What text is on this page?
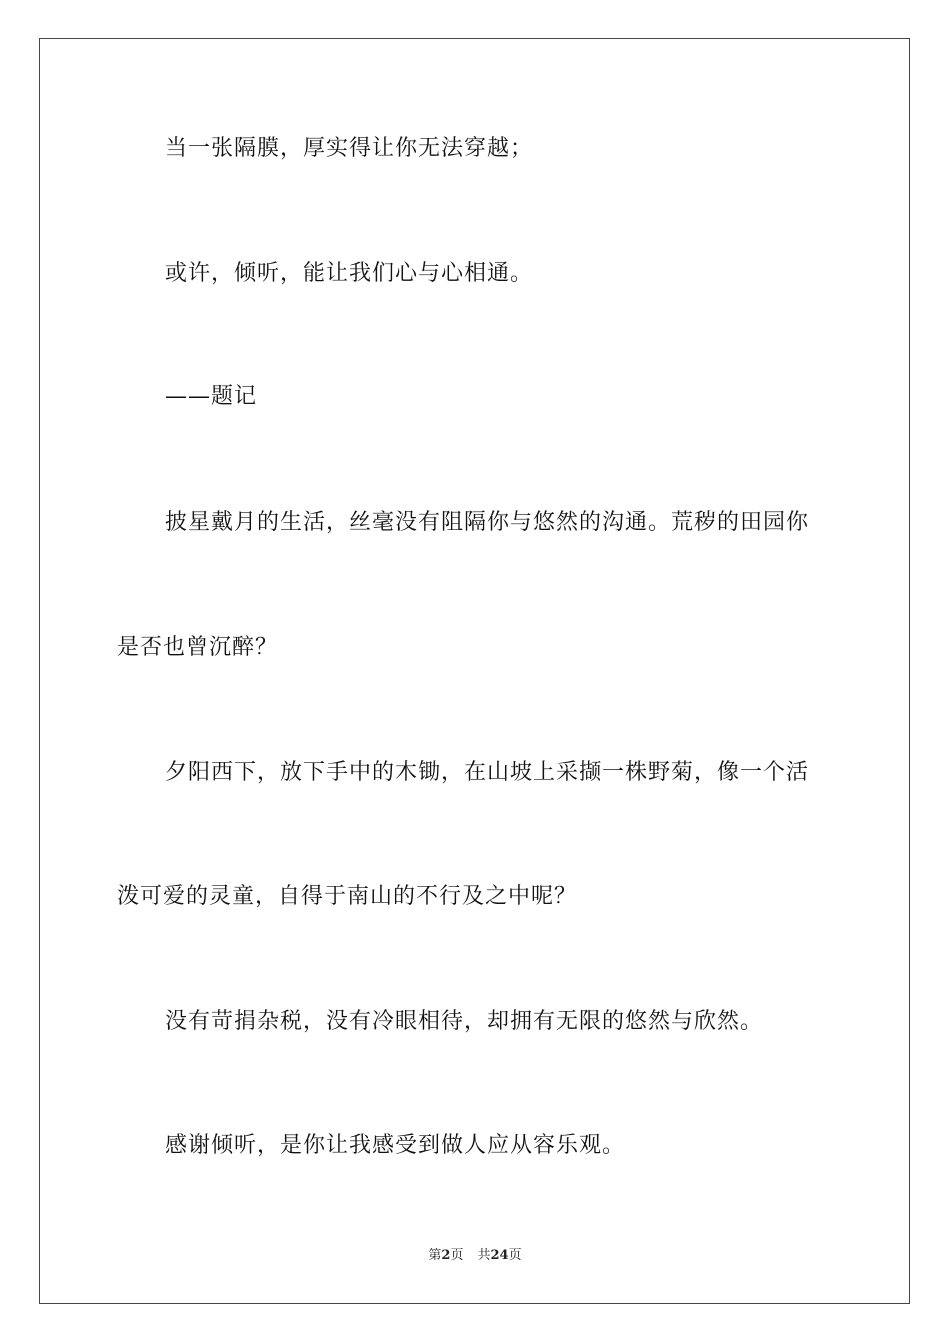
当一张隔膜，厚实得让你无法穿越；
或许，倾听，能让我们心与心相通。
——题记
披星戴月的生活，丝毫没有阻隔你与悠然的沟通。荒秽的田园你
是否也曾沉醉？
夕阳西下，放下手中的木锄，在山坡上采撷一株野菊，像一个活
泼可爱的灵童，自得于南山的不行及之中呢？
没有苛捐杂税，没有冷眼相待，却拥有无限的悠然与欣然。
感谢倾听，是你让我感受到做人应从容乐观。
第2页 共24页
